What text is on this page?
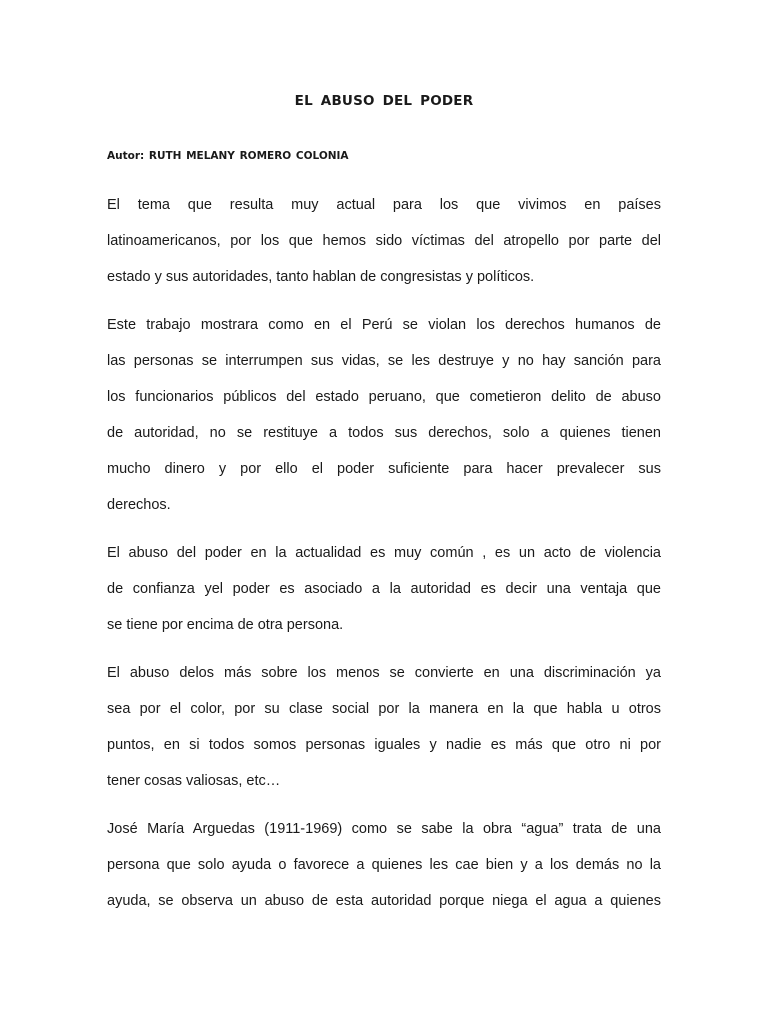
EL ABUSO DEL PODER
Autor: RUTH MELANY ROMERO COLONIA
El tema que resulta muy actual para los que vivimos en países
latinoamericanos, por los que hemos sido víctimas del atropello por parte del
estado y sus autoridades, tanto hablan de congresistas y políticos.
Este trabajo mostrara como en el Perú se violan los derechos humanos de
las personas se interrumpen sus vidas, se les destruye y no hay sanción para
los funcionarios públicos del estado peruano, que cometieron delito de abuso
de autoridad, no se restituye a todos sus derechos, solo a quienes tienen
mucho dinero y por ello el poder suficiente para hacer prevalecer sus
derechos.
El abuso del poder en la actualidad es muy común , es un acto de violencia
de confianza yel poder es asociado a la autoridad es decir una ventaja que
se tiene por encima de otra persona.
El abuso delos más sobre los menos se convierte en una discriminación ya
sea por el color, por su clase social por la manera en la que habla u otros
puntos, en si todos somos personas iguales y nadie es más que otro ni por
tener cosas valiosas, etc…
José María Arguedas (1911-1969) como se sabe la obra “agua” trata de una
persona que solo ayuda o favorece a quienes les cae bien y a los demás no la
ayuda, se observa un abuso de esta autoridad porque niega el agua a quienes
